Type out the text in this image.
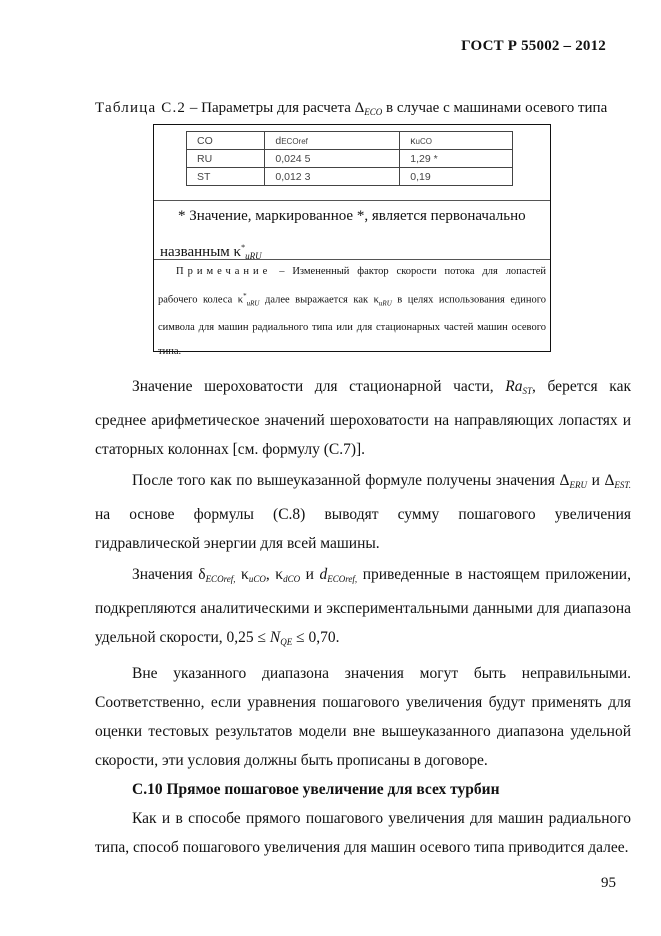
ГОСТ Р 55002 – 2012
Таблица С.2 – Параметры для расчета $\Delta_{ECO}$ в случае с машинами осевого типа
CO	dECOref	κuCO
RU	0,024 5	1,29 *
ST	0,012 3	0,19
* Значение, маркированное *, является первоначально
названным $\kappa^*_{uRU}$
Примечание – Измененный фактор скорости потока для лопастей рабочего колеса $\kappa^*_{uRU}$ далее выражается как $\kappa_{uRU}$ в целях использования единого символа для машин радиального типа или для стационарных частей машин осевого типа.

Значение шероховатости для стационарной части, $Ra_{ST}$, берется как среднее арифметическое значений шероховатости на направляющих лопастях и статорных колоннах [см. формулу (С.7)].

После того как по вышеуказанной формуле получены значения $\Delta_{ERU}$ и $\Delta_{EST.}$ на основе формулы (С.8) выводят сумму пошагового увеличения гидравлической энергии для всей машины.

Значения $\delta_{ECOref,}$ $\kappa_{uCO}$, $\kappa_{dCO}$ и $d_{ECOref,}$ приведенные в настоящем приложении, подкрепляются аналитическими и экспериментальными данными для диапазона удельной скорости, $0,25 \le N_{QE} \le 0,70$.

Вне указанного диапазона значения могут быть неправильными. Соответственно, если уравнения пошагового увеличения будут применять для оценки тестовых результатов модели вне вышеуказанного диапазона удельной скорости, эти условия должны быть прописаны в договоре.

С.10 Прямое пошаговое увеличение для всех турбин

Как и в способе прямого пошагового увеличения для машин радиального типа, способ пошагового увеличения для машин осевого типа приводится далее.

95
